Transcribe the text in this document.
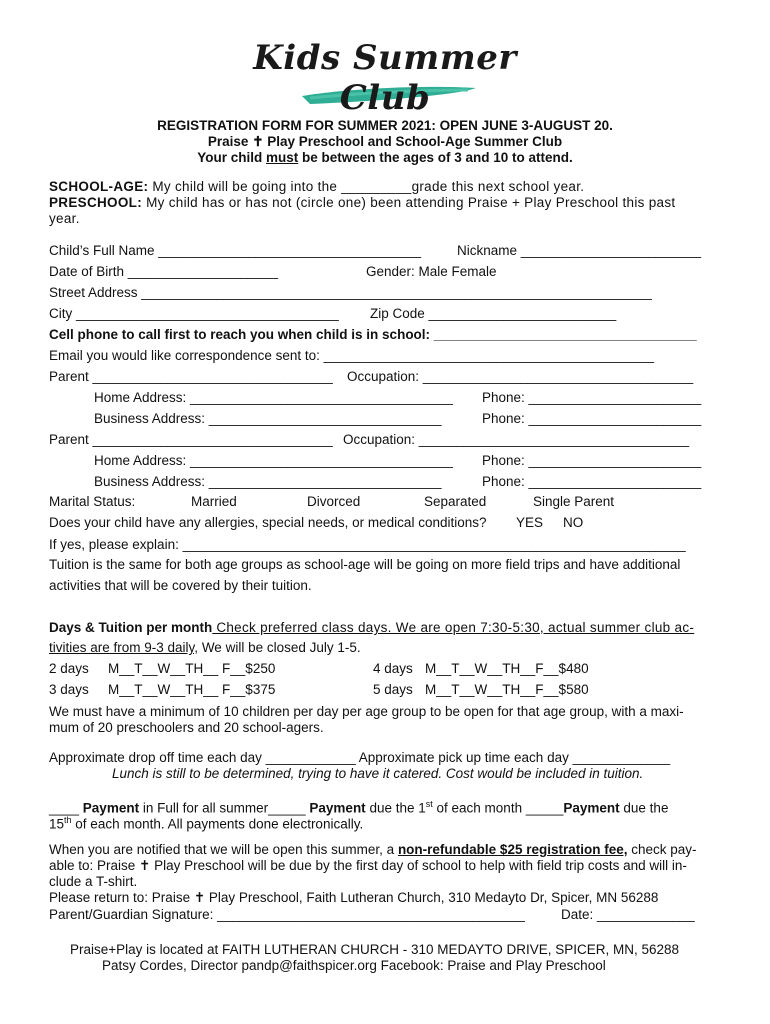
Kids Summer Club
REGISTRATION FORM FOR SUMMER 2021: OPEN JUNE 3-AUGUST 20.
Praise ✝ Play Preschool and School-Age Summer Club
Your child must be between the ages of 3 and 10 to attend.
SCHOOL-AGE: My child will be going into the _________grade this next school year.
PRESCHOOL: My child has or has not (circle one) been attending Praise + Play Preschool this past
year.
Child’s Full Name ___________________________________	Nickname ________________________
Date of Birth ____________________	Gender: Male Female
Street Address ____________________________________________________________________
City ___________________________________ Zip Code _________________________
Cell phone to call first to reach you when child is in school: ___________________________________
Email you would like correspondence sent to: ____________________________________________
Parent ________________________________ Occupation: ____________________________________
Home Address: ___________________________________ Phone: _______________________
Business Address: _______________________________	Phone: _______________________
Parent ________________________________ Occupation: ____________________________________
Home Address: ___________________________________ Phone: _______________________
Business Address: _______________________________	Phone: _______________________
Marital Status:	Married	Divorced	Separated	Single Parent
Does your child have any allergies, special needs, or medical conditions? YES NO
If yes, please explain: ___________________________________________________________________
Tuition is the same for both age groups as school-age will be going on more field trips and have additional
activities that will be covered by their tuition.
Days & Tuition per month Check preferred class days. We are open 7:30-5:30, actual summer club ac-
tivities are from 9-3 daily, We will be closed July 1-5.
2 days M__T__W__TH__ F__$250	4 days M__T__W__TH__F__$480
3 days M__T__W__TH__ F__$375	5 days M__T__W__TH__F__$580
We must have a minimum of 10 children per day per age group to be open for that age group, with a maxi-
mum of 20 preschoolers and 20 school-agers.
Approximate drop off time each day ____________ Approximate pick up time each day _____________
Lunch is still to be determined, trying to have it catered. Cost would be included in tuition.
____ Payment in Full for all summer_____ Payment due the 1st of each month _____Payment due the
15th of each month. All payments done electronically.
When you are notified that we will be open this summer, a non-refundable $25 registration fee, check pay-
able to: Praise ✝ Play Preschool will be due by the first day of school to help with field trip costs and will in-
clude a T-shirt.
Please return to: Praise ✝ Play Preschool, Faith Lutheran Church, 310 Medayto Dr, Spicer, MN 56288
Parent/Guardian Signature: _________________________________________	Date: _____________
Praise+Play is located at FAITH LUTHERAN CHURCH - 310 MEDAYTO DRIVE, SPICER, MN, 56288
Patsy Cordes, Director pandp@faithspicer.org Facebook: Praise and Play Preschool
